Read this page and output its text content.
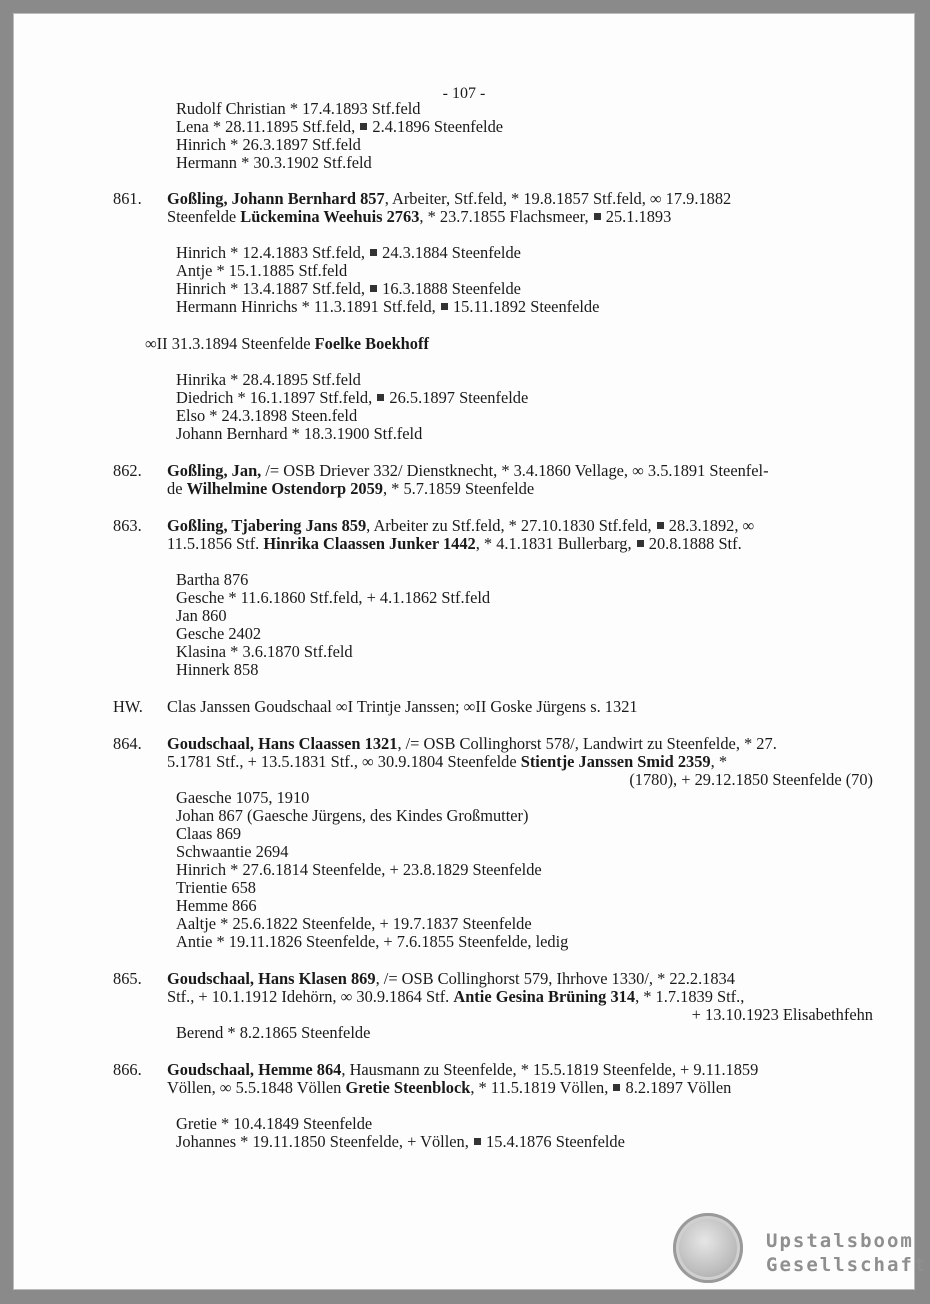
- 107 -
Rudolf Christian * 17.4.1893 Stf.feld
Lena * 28.11.1895 Stf.feld,  2.4.1896 Steenfelde
Hinrich * 26.3.1897 Stf.feld
Hermann * 30.3.1902 Stf.feld
861. Goßling, Johann Bernhard 857, Arbeiter, Stf.feld, * 19.8.1857 Stf.feld, ∞ 17.9.1882
Steenfelde Lückemina Weehuis 2763, * 23.7.1855 Flachsmeer,  25.1.1893
Hinrich * 12.4.1883 Stf.feld,  24.3.1884 Steenfelde
Antje * 15.1.1885 Stf.feld
Hinrich * 13.4.1887 Stf.feld,  16.3.1888 Steenfelde
Hermann Hinrichs * 11.3.1891 Stf.feld,  15.11.1892 Steenfelde
∞II 31.3.1894 Steenfelde Foelke Boekhoff
Hinrika * 28.4.1895 Stf.feld
Diedrich * 16.1.1897 Stf.feld,  26.5.1897 Steenfelde
Elso * 24.3.1898 Steen.feld
Johann Bernhard * 18.3.1900 Stf.feld
862. Goßling, Jan, /= OSB Driever 332/ Dienstknecht, * 3.4.1860 Vellage, ∞ 3.5.1891 Steenfel-
de Wilhelmine Ostendorp 2059, * 5.7.1859 Steenfelde
863. Goßling, Tjabering Jans 859, Arbeiter zu Stf.feld, * 27.10.1830 Stf.feld,  28.3.1892, ∞
11.5.1856 Stf. Hinrika Claassen Junker 1442, * 4.1.1831 Bullerbarg,  20.8.1888 Stf.
Bartha 876
Gesche * 11.6.1860 Stf.feld, + 4.1.1862 Stf.feld
Jan 860
Gesche 2402
Klasina * 3.6.1870 Stf.feld
Hinnerk 858
HW. Clas Janssen Goudschaal ∞I Trintje Janssen; ∞II Goske Jürgens s. 1321
864. Goudschaal, Hans Claassen 1321, /= OSB Collinghorst 578/, Landwirt zu Steenfelde, * 27.
5.1781 Stf., + 13.5.1831 Stf., ∞ 30.9.1804 Steenfelde Stientje Janssen Smid 2359, *
(1780), + 29.12.1850 Steenfelde (70)
Gaesche 1075, 1910
Johan 867 (Gaesche Jürgens, des Kindes Großmutter)
Claas 869
Schwaantie 2694
Hinrich * 27.6.1814 Steenfelde, + 23.8.1829 Steenfelde
Trientie 658
Hemme 866
Aaltje * 25.6.1822 Steenfelde, + 19.7.1837 Steenfelde
Antie * 19.11.1826 Steenfelde, + 7.6.1855 Steenfelde, ledig
865. Goudschaal, Hans Klasen 869, /= OSB Collinghorst 579, Ihrhove 1330/, * 22.2.1834
Stf., + 10.1.1912 Idehörn, ∞ 30.9.1864 Stf. Antie Gesina Brüning 314, * 1.7.1839 Stf.,
+ 13.10.1923 Elisabethfehn
Berend * 8.2.1865 Steenfelde
866. Goudschaal, Hemme 864, Hausmann zu Steenfelde, * 15.5.1819 Steenfelde, + 9.11.1859
Völlen, ∞ 5.5.1848 Völlen Gretie Steenblock, * 11.5.1819 Völlen,  8.2.1897 Völlen
Gretie * 10.4.1849 Steenfelde
Johannes * 19.11.1850 Steenfelde, + Völlen,  15.4.1876 Steenfelde
Upstalsboom
Gesellschaft
